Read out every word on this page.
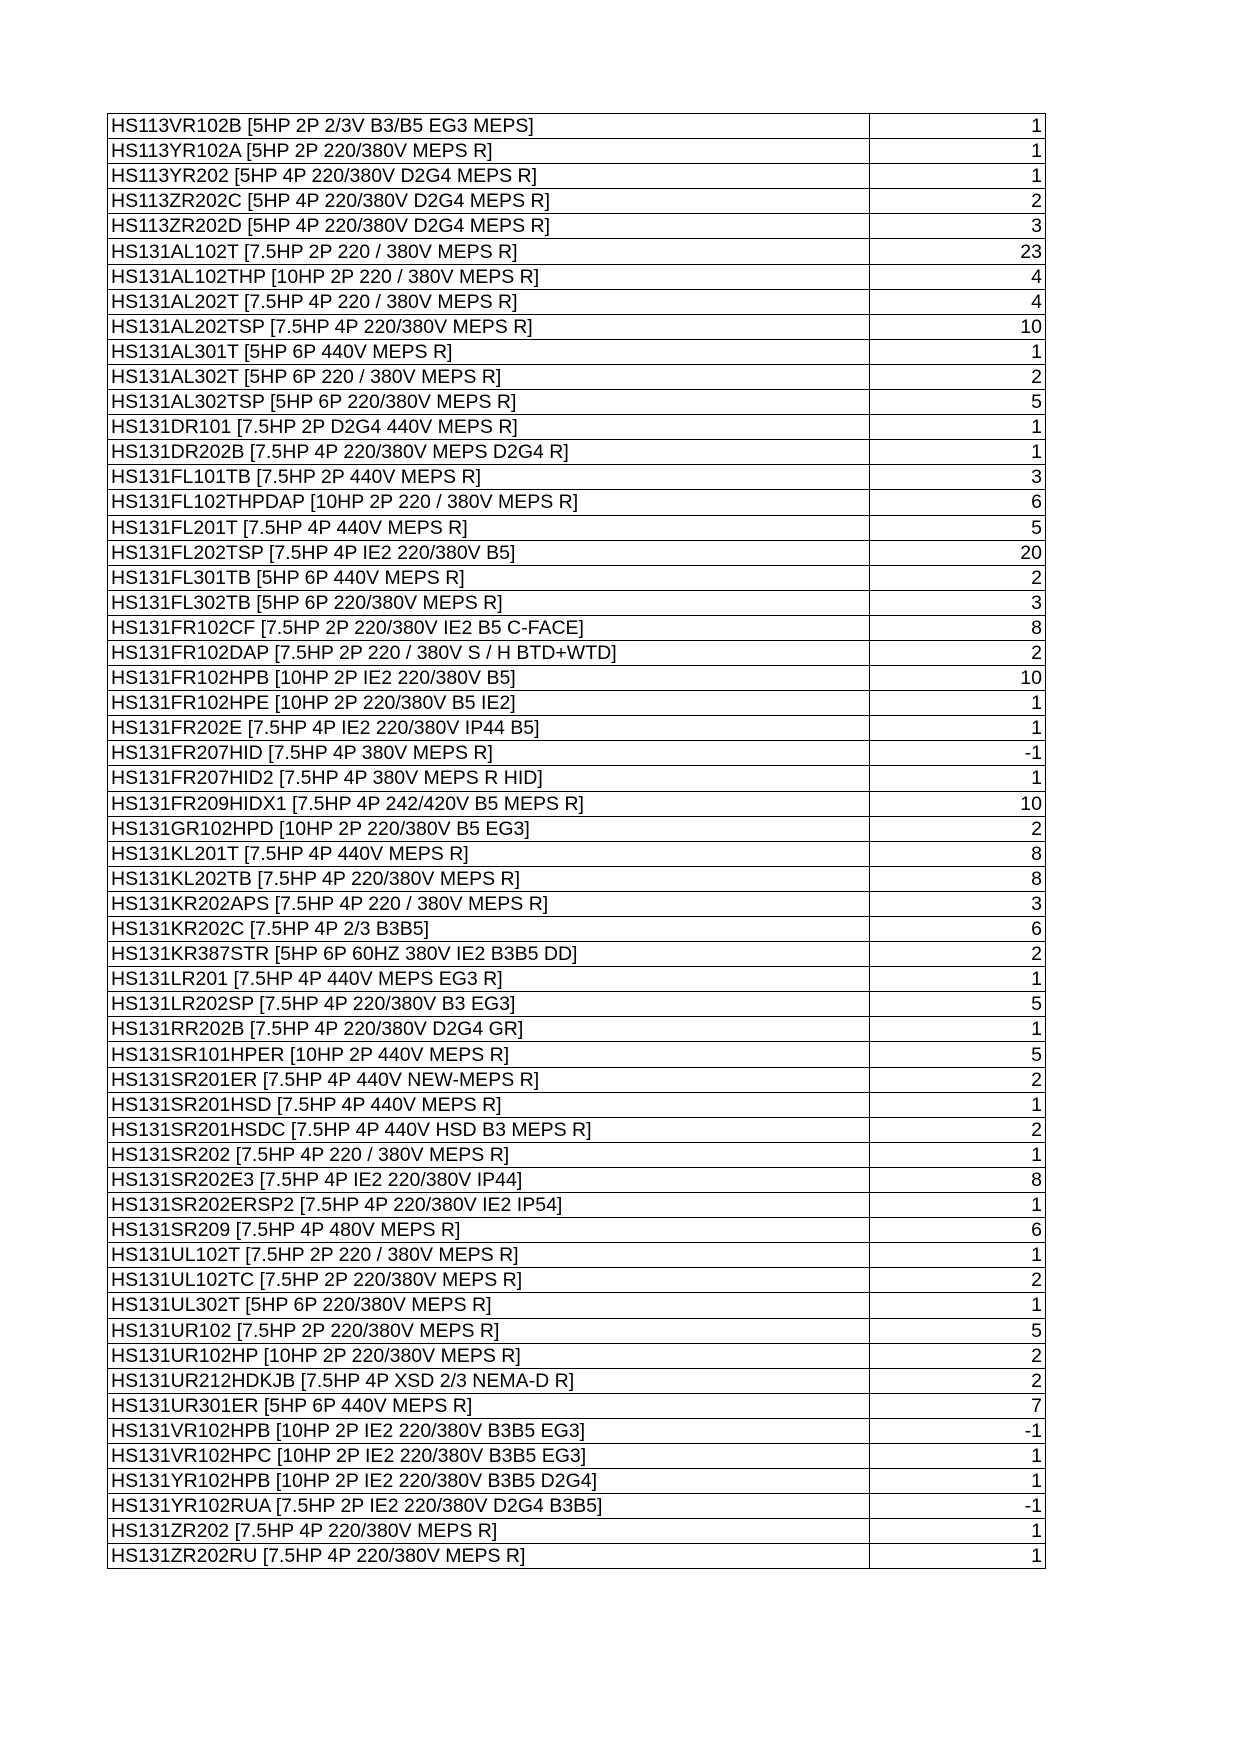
HS113VR102B [5HP 2P 2/3V B3/B5 EG3 MEPS]	1
HS113YR102A [5HP 2P 220/380V MEPS R]	1
HS113YR202 [5HP 4P 220/380V D2G4 MEPS R]	1
HS113ZR202C [5HP 4P 220/380V D2G4 MEPS R]	2
HS113ZR202D [5HP 4P 220/380V D2G4 MEPS R]	3
HS131AL102T [7.5HP 2P 220 / 380V MEPS R]	23
HS131AL102THP [10HP 2P 220 / 380V MEPS R]	4
HS131AL202T [7.5HP 4P 220 / 380V MEPS R]	4
HS131AL202TSP [7.5HP 4P 220/380V MEPS R]	10
HS131AL301T [5HP 6P 440V MEPS R]	1
HS131AL302T [5HP 6P 220 / 380V MEPS R]	2
HS131AL302TSP [5HP 6P 220/380V MEPS R]	5
HS131DR101 [7.5HP 2P D2G4 440V MEPS R]	1
HS131DR202B [7.5HP 4P 220/380V MEPS D2G4 R]	1
HS131FL101TB [7.5HP 2P 440V MEPS R]	3
HS131FL102THPDAP [10HP 2P 220 / 380V MEPS R]	6
HS131FL201T [7.5HP 4P 440V MEPS R]	5
HS131FL202TSP [7.5HP 4P IE2 220/380V B5]	20
HS131FL301TB [5HP 6P 440V MEPS R]	2
HS131FL302TB [5HP 6P 220/380V MEPS R]	3
HS131FR102CF [7.5HP 2P 220/380V IE2 B5 C-FACE]	8
HS131FR102DAP [7.5HP 2P 220 / 380V S / H BTD+WTD]	2
HS131FR102HPB [10HP 2P IE2 220/380V B5]	10
HS131FR102HPE [10HP 2P 220/380V B5 IE2]	1
HS131FR202E [7.5HP 4P IE2 220/380V IP44 B5]	1
HS131FR207HID [7.5HP 4P 380V MEPS R]	-1
HS131FR207HID2 [7.5HP 4P 380V MEPS R HID]	1
HS131FR209HIDX1 [7.5HP 4P 242/420V B5 MEPS R]	10
HS131GR102HPD [10HP 2P 220/380V B5 EG3]	2
HS131KL201T [7.5HP 4P 440V MEPS R]	8
HS131KL202TB [7.5HP 4P 220/380V MEPS R]	8
HS131KR202APS [7.5HP 4P 220 / 380V MEPS R]	3
HS131KR202C [7.5HP 4P 2/3 B3B5]	6
HS131KR387STR [5HP 6P 60HZ 380V IE2 B3B5 DD]	2
HS131LR201 [7.5HP 4P 440V MEPS EG3 R]	1
HS131LR202SP [7.5HP 4P 220/380V B3 EG3]	5
HS131RR202B [7.5HP 4P 220/380V D2G4 GR]	1
HS131SR101HPER [10HP 2P 440V MEPS R]	5
HS131SR201ER [7.5HP 4P 440V NEW-MEPS R]	2
HS131SR201HSD [7.5HP 4P 440V MEPS R]	1
HS131SR201HSDC [7.5HP 4P 440V HSD B3 MEPS R]	2
HS131SR202 [7.5HP 4P 220 / 380V MEPS R]	1
HS131SR202E3 [7.5HP 4P IE2 220/380V IP44]	8
HS131SR202ERSP2 [7.5HP 4P 220/380V IE2 IP54]	1
HS131SR209 [7.5HP 4P 480V MEPS R]	6
HS131UL102T [7.5HP 2P 220 / 380V MEPS R]	1
HS131UL102TC [7.5HP 2P 220/380V MEPS R]	2
HS131UL302T [5HP 6P 220/380V MEPS R]	1
HS131UR102 [7.5HP 2P 220/380V MEPS R]	5
HS131UR102HP [10HP 2P 220/380V MEPS R]	2
HS131UR212HDKJB [7.5HP 4P XSD 2/3 NEMA-D R]	2
HS131UR301ER [5HP 6P 440V MEPS R]	7
HS131VR102HPB [10HP 2P IE2 220/380V B3B5 EG3]	-1
HS131VR102HPC [10HP 2P IE2 220/380V B3B5 EG3]	1
HS131YR102HPB [10HP 2P IE2 220/380V B3B5 D2G4]	1
HS131YR102RUA [7.5HP 2P IE2 220/380V D2G4 B3B5]	-1
HS131ZR202 [7.5HP 4P 220/380V MEPS R]	1
HS131ZR202RU [7.5HP 4P 220/380V MEPS R]	1
